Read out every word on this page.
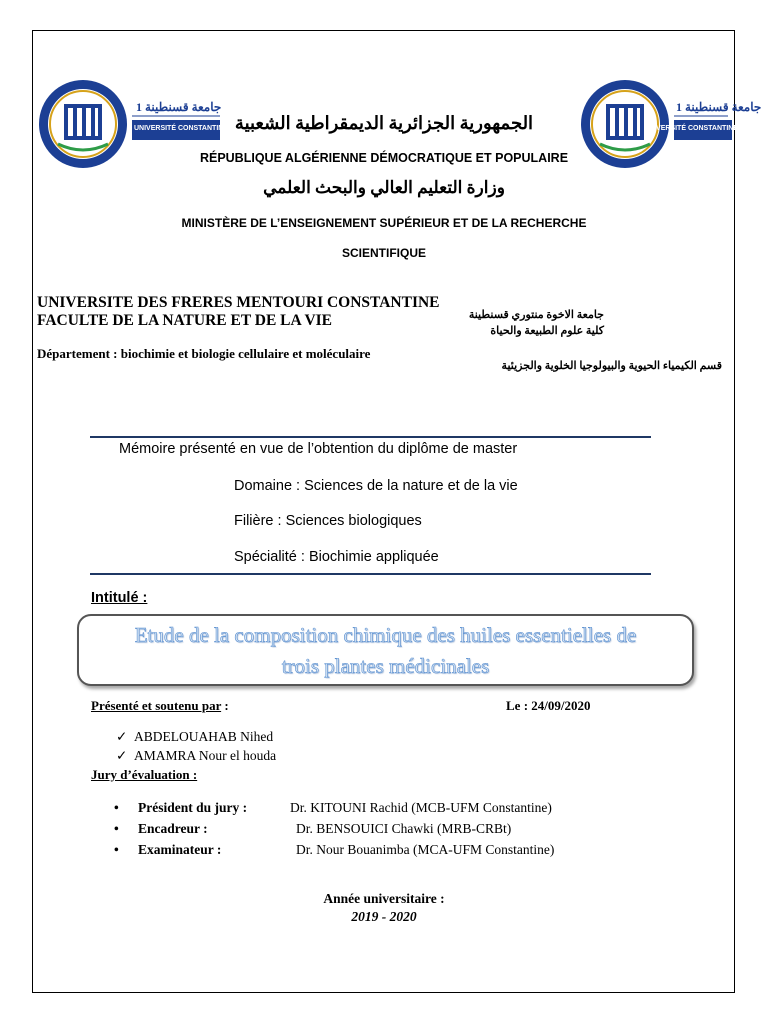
جامعة قسنطينة 1
UNIVERSITÉ CONSTANTINE 1
جامعة قسنطينة 1
UNIVERSITÉ CONSTANTINE 1
الجمهورية الجزائرية الديمقراطية الشعبية
RÉPUBLIQUE ALGÉRIENNE DÉMOCRATIQUE ET POPULAIRE
وزارة التعليم العالي والبحث العلمي
MINISTÈRE DE L’ENSEIGNEMENT SUPÉRIEUR ET DE LA RECHERCHE
SCIENTIFIQUE
UNIVERSITE DES FRERES MENTOURI CONSTANTINE
FACULTE DE LA NATURE ET DE LA VIE
Département : biochimie et biologie cellulaire et moléculaire
جامعة الاخوة منتوري قسنطينة
كلية علوم الطبيعة والحياة
قسم الكيمياء الحيوية والبيولوجيا الخلوية والجزيئية
Mémoire présenté en vue de l’obtention du diplôme de master
Domaine : Sciences de la nature et de la vie
Filière : Sciences biologiques
Spécialité : Biochimie appliquée
Intitulé :
Etude de la composition chimique des huiles essentielles de
trois plantes médicinales
Présenté et soutenu par :	Le : 24/09/2020
✓ ABDELOUAHAB Nihed
✓ AMAMRA Nour el houda
Jury d’évaluation :
• Président du jury :	Dr. KITOUNI Rachid (MCB-UFM Constantine)
• Encadreur :	Dr. BENSOUICI Chawki (MRB-CRBt)
• Examinateur :	Dr. Nour Bouanimba (MCA-UFM Constantine)
Année universitaire :
2019 - 2020
